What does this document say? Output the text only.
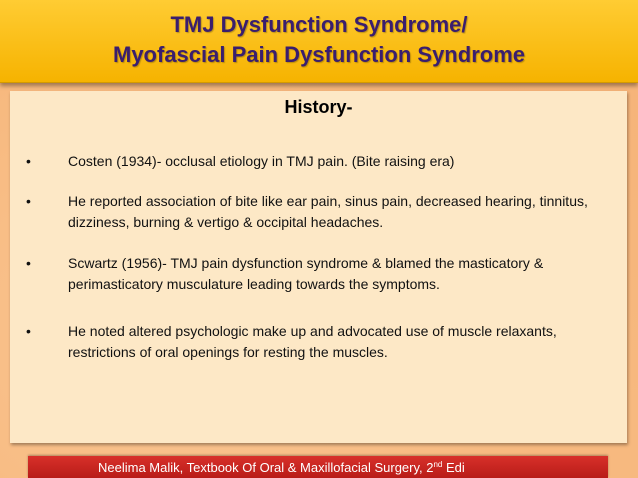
TMJ Dysfunction Syndrome/
Myofascial Pain Dysfunction Syndrome
History-
•	Costen (1934)- occlusal etiology in TMJ pain. (Bite raising era)
•	He reported association of bite like ear pain, sinus pain, decreased hearing, tinnitus, dizziness, burning & vertigo & occipital headaches.
•	Scwartz (1956)- TMJ pain dysfunction syndrome & blamed the masticatory & perimasticatory musculature leading towards the symptoms.
•	He noted altered psychologic make up and advocated use of muscle relaxants, restrictions of oral openings for resting the muscles.
Neelima Malik, Textbook Of Oral & Maxillofacial Surgery, 2nd Edi
